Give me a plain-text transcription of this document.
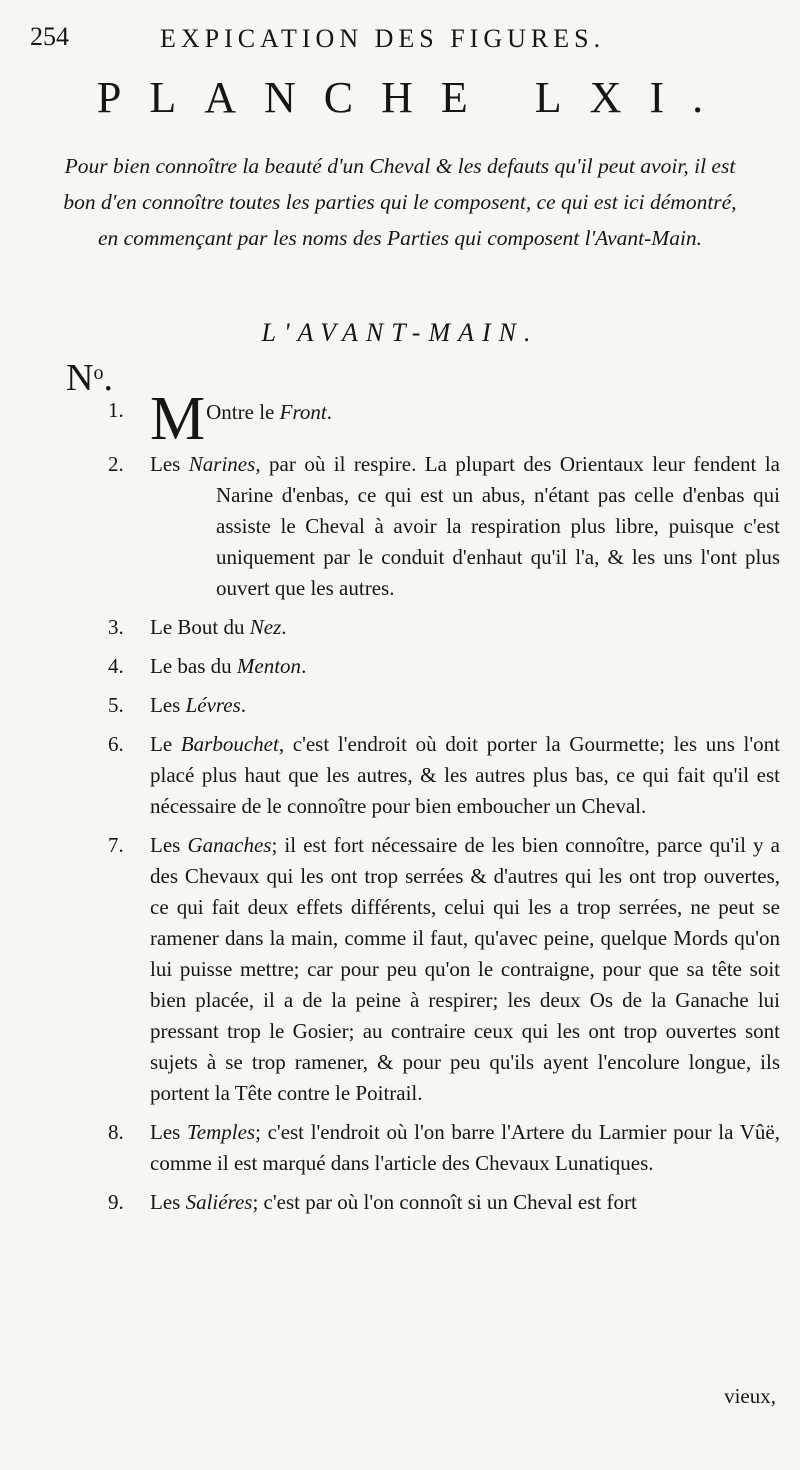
254	EXPICATION DES FIGURES.
PLANCHE LXI.
Pour bien connoître la beauté d'un Cheval & les defauts qu'il peut avoir, il est bon d'en connoître toutes les parties qui le composent, ce qui est ici démontré, en commençant par les noms des Parties qui composent l'Avant-Main.
L'AVANT-MAIN.
$N^o$.
1. M Ontre le Front.
2.	Les Narines, par où il respire. La plupart des Orientaux leur fendent la Narine d'enbas, ce qui est un abus, n'étant pas celle d'enbas qui assiste le Cheval à avoir la respiration plus libre, puisque c'est uniquement par le conduit d'enhaut qu'il l'a, & les uns l'ont plus ouvert que les autres.
3.	Le Bout du Nez.
4.	Le bas du Menton.
5.	Les Lévres.
6.	Le Barbouchet, c'est l'endroit où doit porter la Gourmette; les uns l'ont placé plus haut que les autres, & les autres plus bas, ce qui fait qu'il est nécessaire de le connoître pour bien emboucher un Cheval.
7.	Les Ganaches; il est fort nécessaire de les bien connoître, parce qu'il y a des Chevaux qui les ont trop serrées & d'autres qui les ont trop ouvertes, ce qui fait deux effets différents, celui qui les a trop serrées, ne peut se ramener dans la main, comme il faut, qu'avec peine, quelque Mords qu'on lui puisse mettre; car pour peu qu'on le contraigne, pour que sa tête soit bien placée, il a de la peine à respirer; les deux Os de la Ganache lui pressant trop le Gosier; au contraire ceux qui les ont trop ouvertes sont sujets à se trop ramener, & pour peu qu'ils ayent l'encolure longue, ils portent la Tête contre le Poitrail.
8.	Les Temples; c'est l'endroit où l'on barre l'Artere du Larmier pour la Vûë, comme il est marqué dans l'article des Chevaux Lunatiques.
9.	Les Saliéres; c'est par où l'on connoît si un Cheval est fort
vieux,
